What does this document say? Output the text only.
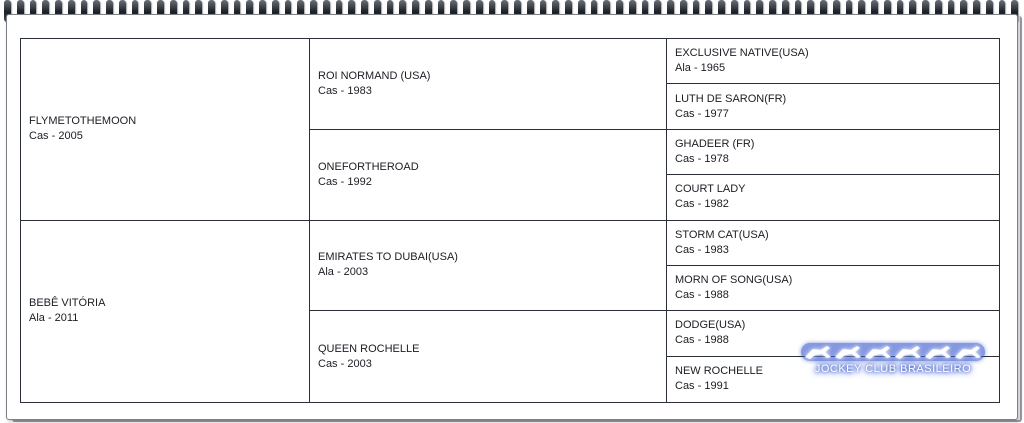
FLYMETOTHEMOON
Cas - 2005
BEBÊ VITÓRIA
Ala - 2011
ROI NORMAND (USA)
Cas - 1983
ONEFORTHEROAD
Cas - 1992
EMIRATES TO DUBAI(USA)
Ala - 2003
QUEEN ROCHELLE
Cas - 2003
EXCLUSIVE NATIVE(USA)
Ala - 1965
LUTH DE SARON(FR)
Cas - 1977
GHADEER (FR)
Cas - 1978
COURT LADY
Cas - 1982
STORM CAT(USA)
Cas - 1983
MORN OF SONG(USA)
Cas - 1988
DODGE(USA)
Cas - 1988
NEW ROCHELLE
Cas - 1991
JOCKEY CLUB BRASILEIRO
